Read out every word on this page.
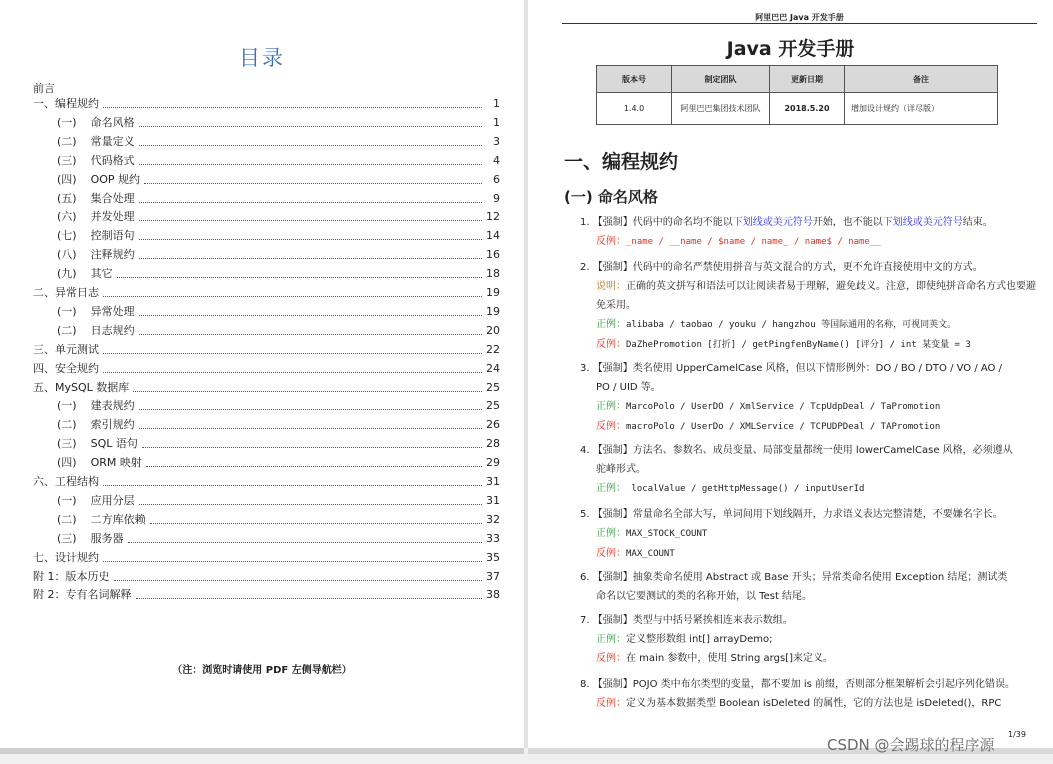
目录
前言
一、 编程规约	1
(一) 命名风格	1
(二) 常量定义	3
(三) 代码格式	4
(四) OOP 规约	6
(五) 集合处理	9
(六) 并发处理	12
(七) 控制语句	14
(八) 注释规约	16
(九) 其它	18
二、 异常日志	19
(一) 异常处理	19
(二) 日志规约	20
三、 单元测试	22
四、 安全规约	24
五、 MySQL 数据库	25
(一) 建表规约	25
(二) 索引规约	26
(三) SQL 语句	28
(四) ORM 映射	29
六、 工程结构	31
(一) 应用分层	31
(二) 二方库依赖	32
(三) 服务器	33
七、 设计规约	35
附 1： 版本历史	37
附 2： 专有名词解释	38
（注：浏览时请使用 PDF 左侧导航栏）
阿里巴巴 Java 开发手册
Java 开发手册
版本号	制定团队	更新日期	备注
1.4.0	阿里巴巴集团技术团队	2018.5.20	增加设计规约（详尽版）
一、编程规约
(一) 命名风格
1. 【强制】代码中的命名均不能以下划线或美元符号开始，也不能以下划线或美元符号结束。
反例：_name / __name / $name / name_ / name$ / name__
2. 【强制】代码中的命名严禁使用拼音与英文混合的方式，更不允许直接使用中文的方式。
说明：正确的英文拼写和语法可以让阅读者易于理解，避免歧义。注意，即使纯拼音命名方式也要避免采用。
正例：alibaba / taobao / youku / hangzhou 等国际通用的名称，可视同英文。
反例：DaZhePromotion [打折] / getPingfenByName() [评分] / int 某变量 = 3
3. 【强制】类名使用 UpperCamelCase 风格，但以下情形例外：DO / BO / DTO / VO / AO /
PO / UID 等。
正例：MarcoPolo / UserDO / XmlService / TcpUdpDeal / TaPromotion
反例：macroPolo / UserDo / XMLService / TCPUDPDeal / TAPromotion
4. 【强制】方法名、参数名、成员变量、局部变量都统一使用 lowerCamelCase 风格，必须遵从
驼峰形式。
正例： localValue / getHttpMessage() / inputUserId
5. 【强制】常量命名全部大写，单词间用下划线隔开，力求语义表达完整清楚，不要嫌名字长。
正例：MAX_STOCK_COUNT
反例：MAX_COUNT
6. 【强制】抽象类命名使用 Abstract 或 Base 开头；异常类命名使用 Exception 结尾；测试类
命名以它要测试的类的名称开始，以 Test 结尾。
7. 【强制】类型与中括号紧挨相连来表示数组。
正例：定义整形数组 int[] arrayDemo;
反例：在 main 参数中，使用 String args[]来定义。
8. 【强制】POJO 类中布尔类型的变量，都不要加 is 前缀，否则部分框架解析会引起序列化错误。
反例：定义为基本数据类型 Boolean isDeleted 的属性，它的方法也是 isDeleted()，RPC
1/39
CSDN @会踢球的程序源
